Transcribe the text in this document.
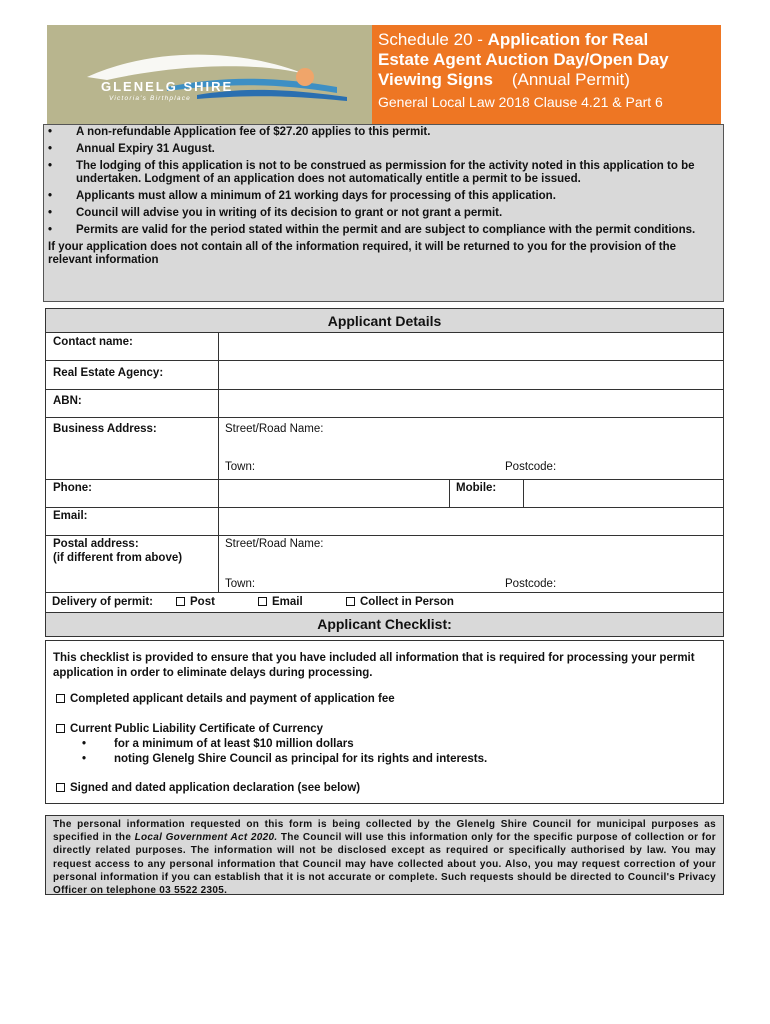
GLENELG SHIRE
Victoria's Birthplace
Schedule 20 - Application for Real
Estate Agent Auction Day/Open Day
Viewing Signs (Annual Permit)
General Local Law 2018 Clause 4.21 & Part 6
• A non-refundable Application fee of $27.20 applies to this permit.
• Annual Expiry 31 August.
• The lodging of this application is not to be construed as permission for the activity noted in this application to be undertaken. Lodgment of an application does not automatically entitle a permit to be issued.
• Applicants must allow a minimum of 21 working days for processing of this application.
• Council will advise you in writing of its decision to grant or not grant a permit.
• Permits are valid for the period stated within the permit and are subject to compliance with the permit conditions.
If your application does not contain all of the information required, it will be returned to you for the provision of the relevant information
Applicant Details
Contact name:
Real Estate Agency:
ABN:
Business Address:	Street/Road Name:
Town:	Postcode:
Phone:	Mobile:
Email:
Postal address:
(if different from above)
Street/Road Name:
Town:	Postcode:
Delivery of permit:	Post	Email	Collect in Person
Applicant Checklist:
This checklist is provided to ensure that you have included all information that is required for processing your permit application in order to eliminate delays during processing.
Completed applicant details and payment of application fee
Current Public Liability Certificate of Currency
• for a minimum of at least $10 million dollars
• noting Glenelg Shire Council as principal for its rights and interests.
Signed and dated application declaration (see below)
The personal information requested on this form is being collected by the Glenelg Shire Council for municipal purposes as specified in the Local Government Act 2020. The Council will use this information only for the specific purpose of collection or for directly related purposes. The information will not be disclosed except as required or specifically authorised by law. You may request access to any personal information that Council may have collected about you. Also, you may request correction of your personal information if you can establish that it is not accurate or complete. Such requests should be directed to Council's Privacy Officer on telephone 03 5522 2305.
